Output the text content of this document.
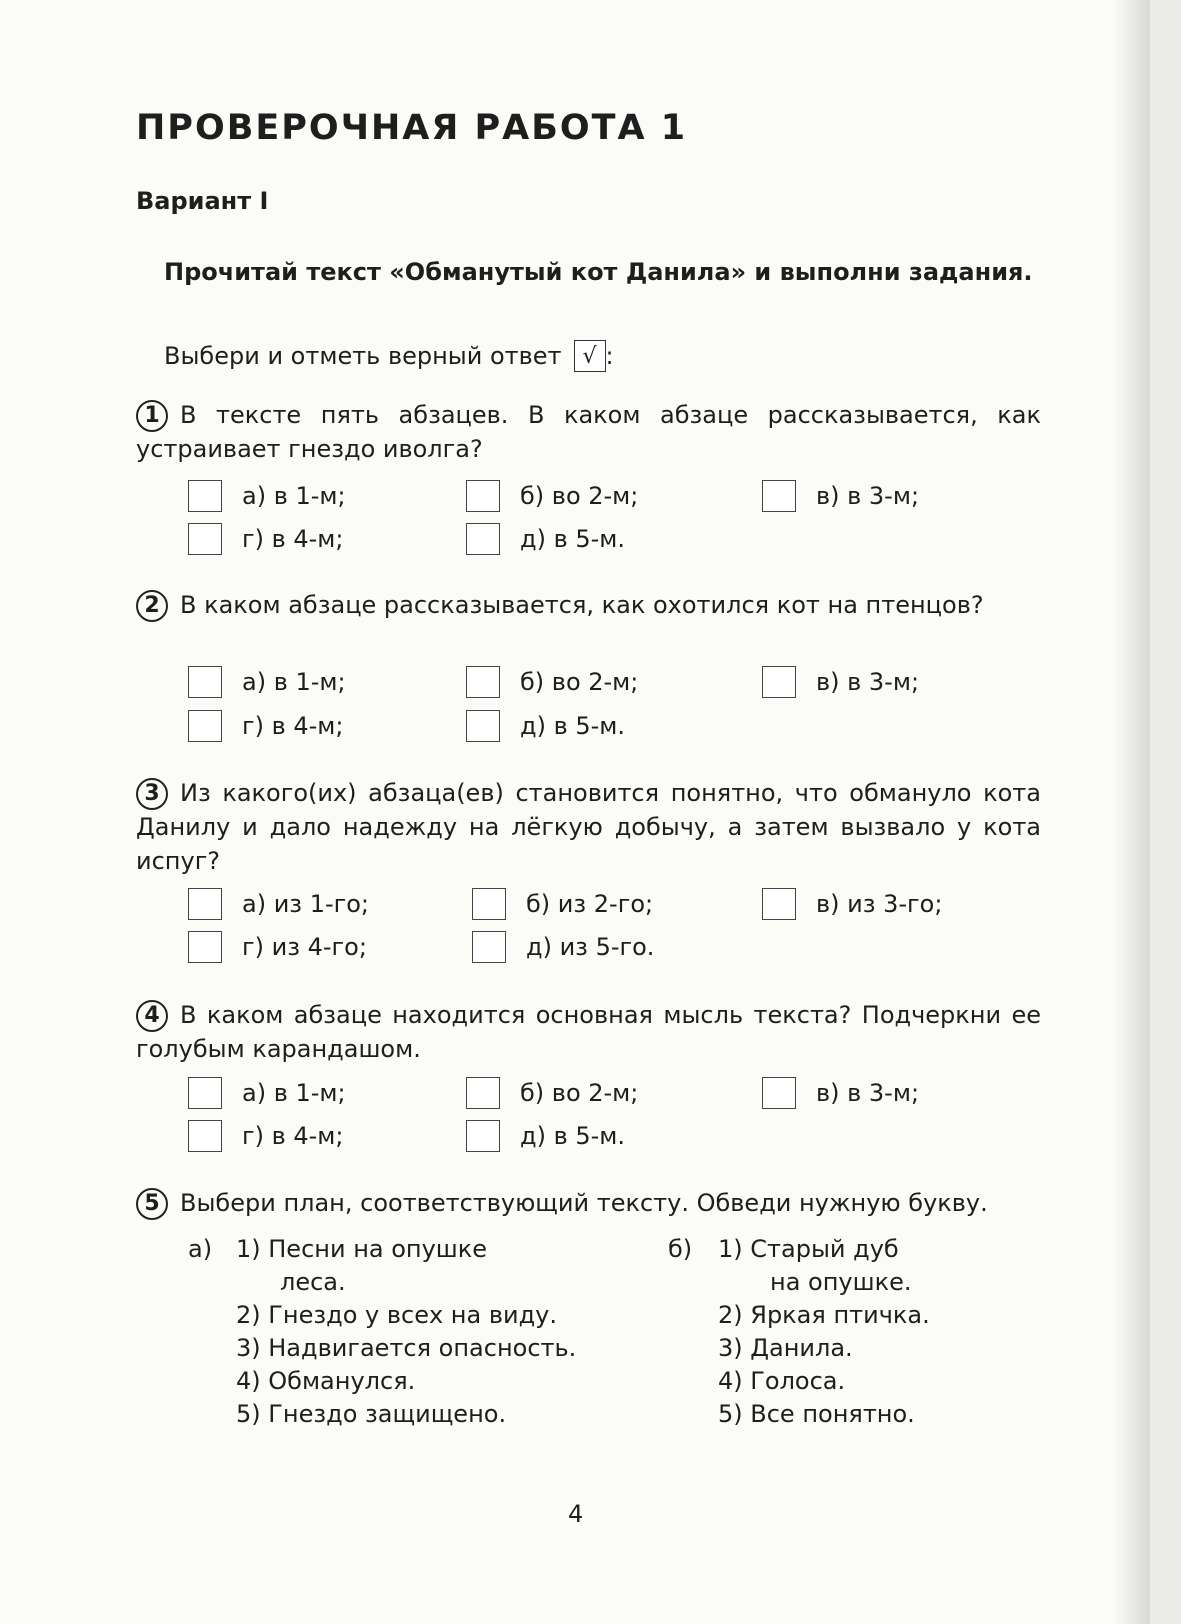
ПРОВЕРОЧНАЯ РАБОТА 1
Вариант I
Прочитай текст «Обманутый кот Данила» и выполни задания.
Выбери и отметь верный ответ √ :
1 В тексте пять абзацев. В каком абзаце рассказывается, как устраивает гнездо иволга?
а) в 1-м;	б) во 2-м;	в) в 3-м;
г) в 4-м;	д) в 5-м.
2 В каком абзаце рассказывается, как охотился кот на птенцов?
а) в 1-м;	б) во 2-м;	в) в 3-м;
г) в 4-м;	д) в 5-м.
3 Из какого(их) абзаца(ев) становится понятно, что обмануло кота Данилу и дало надежду на лёгкую добычу, а затем вызвало у кота испуг?
а) из 1-го;	б) из 2-го;	в) из 3-го;
г) из 4-го;	д) из 5-го.
4 В каком абзаце находится основная мысль текста? Подчеркни ее голубым карандашом.
а) в 1-м;	б) во 2-м;	в) в 3-м;
г) в 4-м;	д) в 5-м.
5 Выбери план, соответствующий тексту. Обведи нужную букву.
а) 1) Песни на опушке
леса.
2) Гнездо у всех на виду.
3) Надвигается опасность.
4) Обманулся.
5) Гнездо защищено.
б) 1) Старый дуб
на опушке.
2) Яркая птичка.
3) Данила.
4) Голоса.
5) Все понятно.
4
